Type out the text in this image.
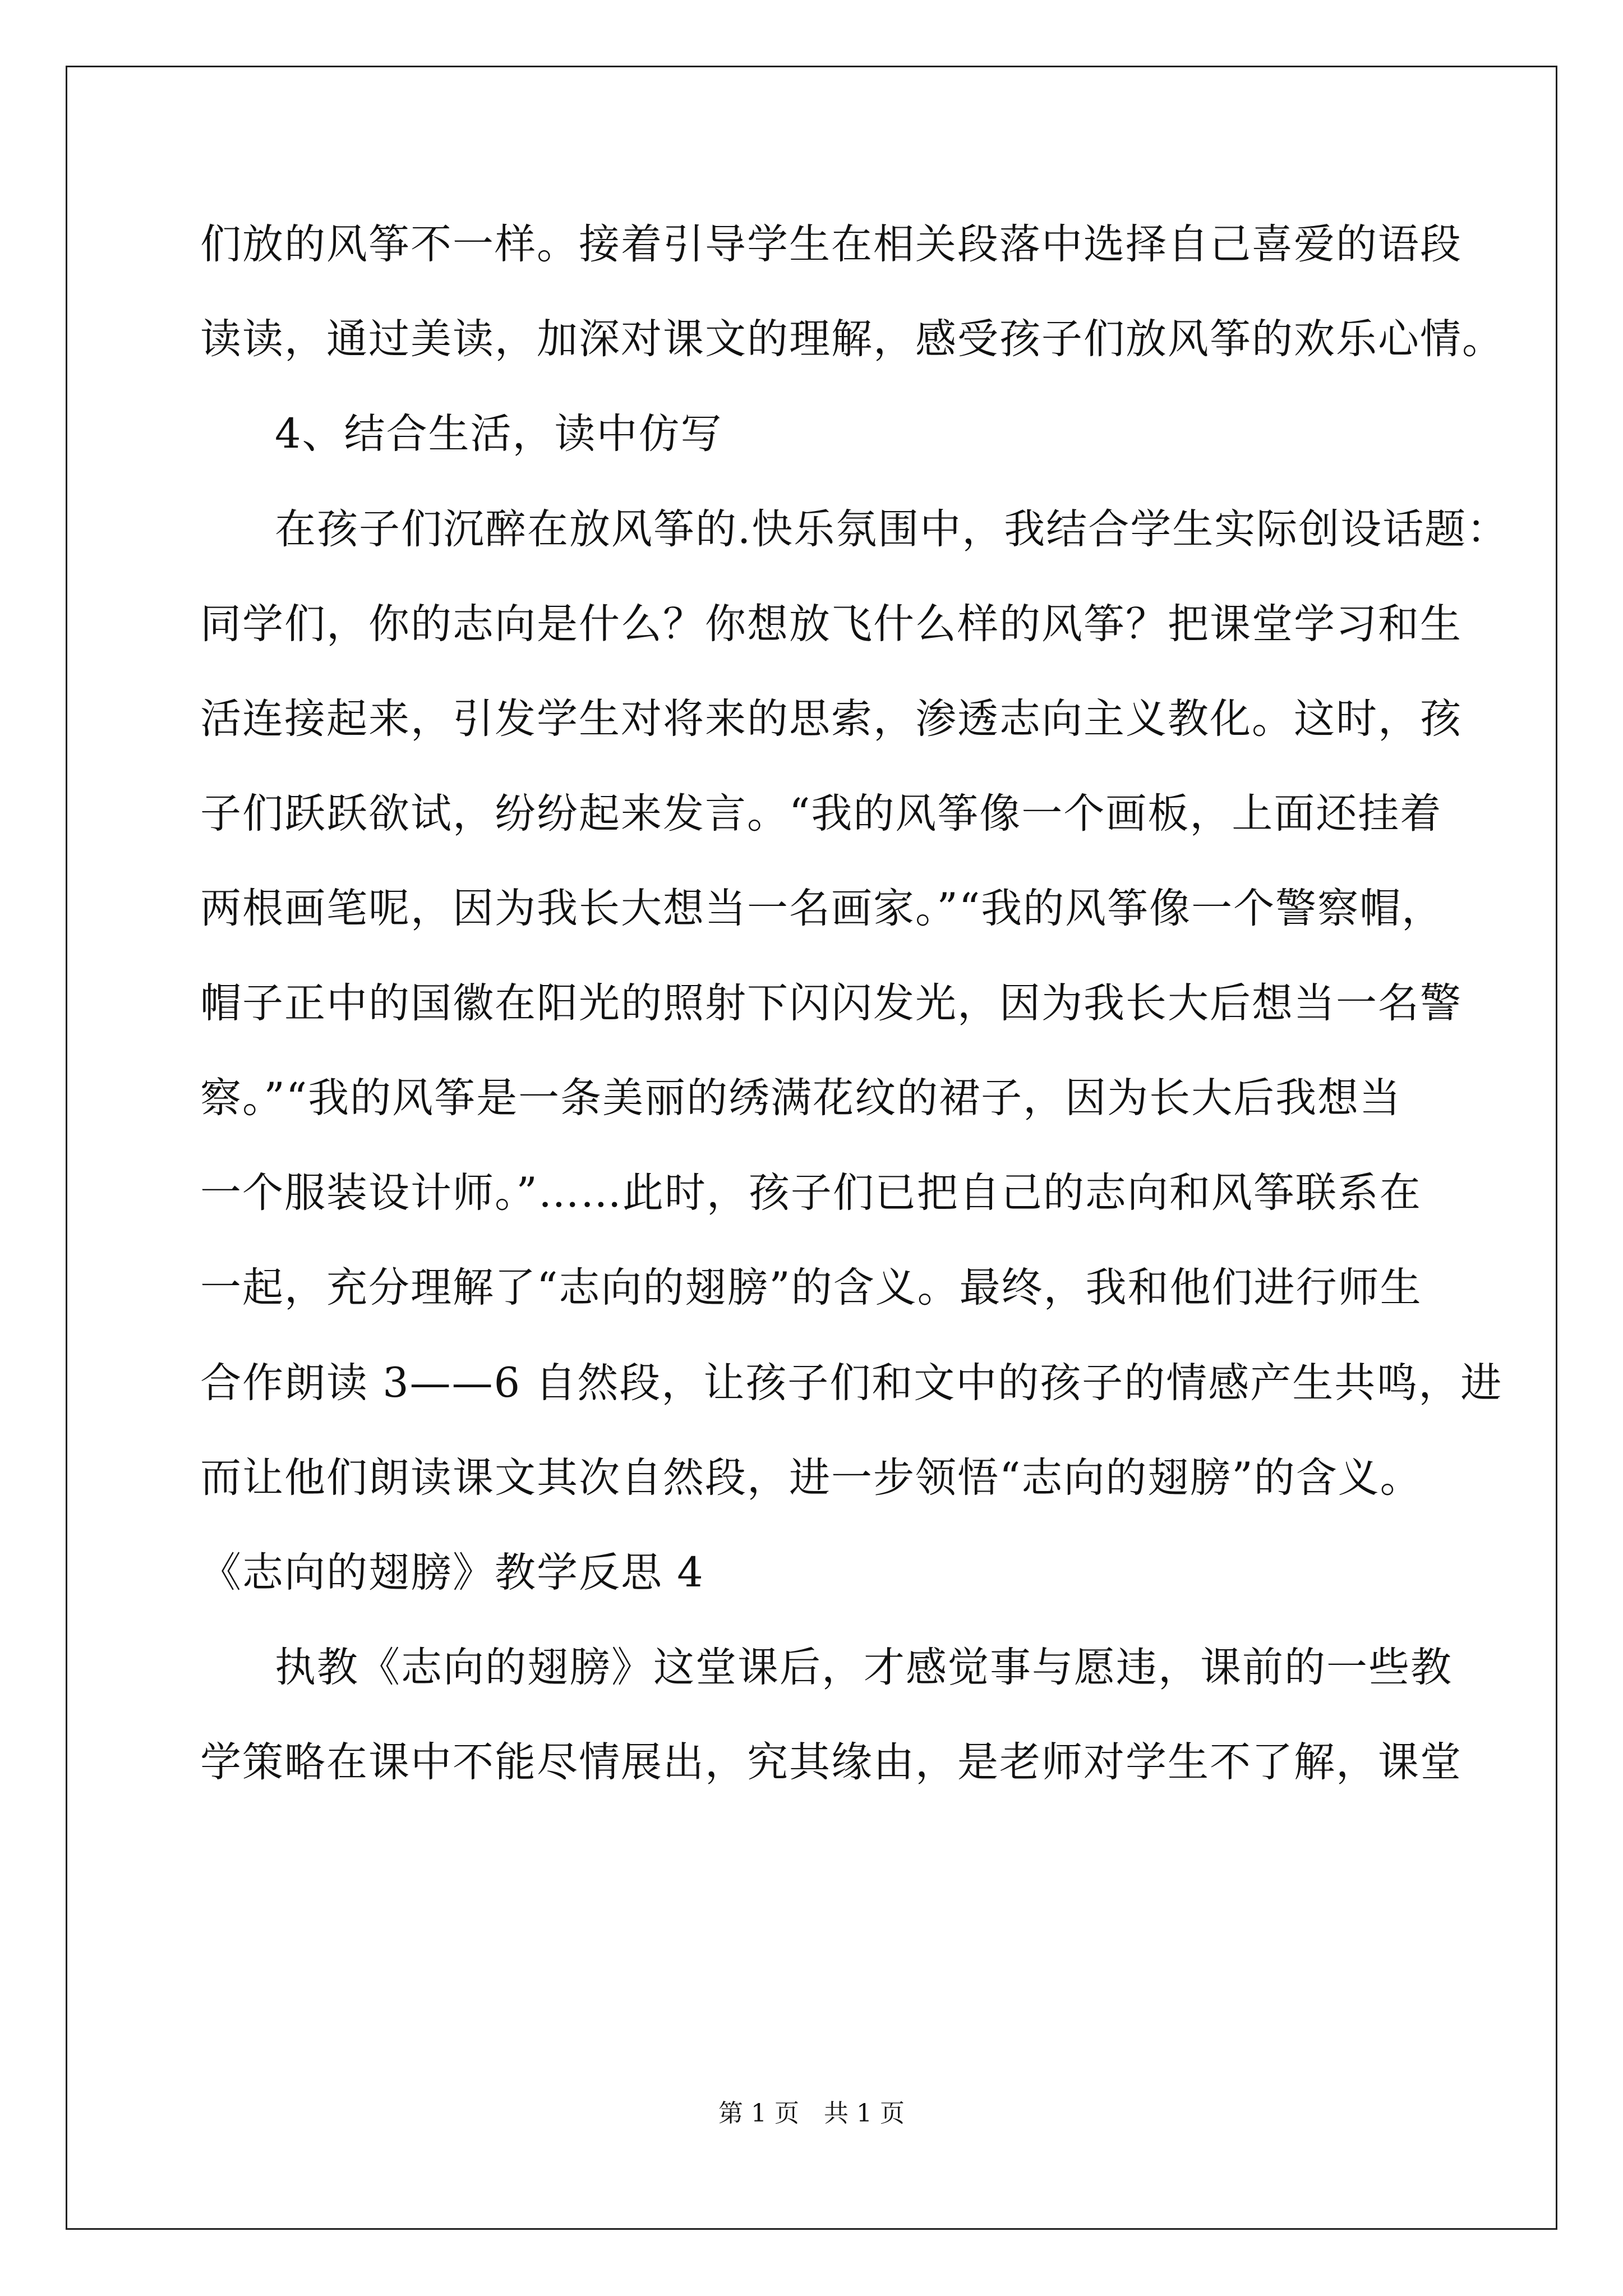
们放的风筝不一样。接着引导学生在相关段落中选择自己喜爱的语段

读读，通过美读，加深对课文的理解，感受孩子们放风筝的欢乐心情。

4、结合生活，读中仿写

在孩子们沉醉在放风筝的.快乐氛围中，我结合学生实际创设话题：

同学们，你的志向是什么？你想放飞什么样的风筝？把课堂学习和生

活连接起来，引发学生对将来的思索，渗透志向主义教化。这时，孩

子们跃跃欲试，纷纷起来发言。“我的风筝像一个画板，上面还挂着

两根画笔呢，因为我长大想当一名画家。”“我的风筝像一个警察帽，

帽子正中的国徽在阳光的照射下闪闪发光，因为我长大后想当一名警

察。”“我的风筝是一条美丽的绣满花纹的裙子，因为长大后我想当

一个服装设计师。”……此时，孩子们已把自己的志向和风筝联系在

一起，充分理解了“志向的翅膀”的含义。最终，我和他们进行师生

合作朗读 3——6 自然段，让孩子们和文中的孩子的情感产生共鸣，进

而让他们朗读课文其次自然段，进一步领悟“志向的翅膀”的含义。

《志向的翅膀》教学反思 4

执教《志向的翅膀》这堂课后，才感觉事与愿违，课前的一些教

学策略在课中不能尽情展出，究其缘由，是老师对学生不了解，课堂

第 1 页　共 1 页
